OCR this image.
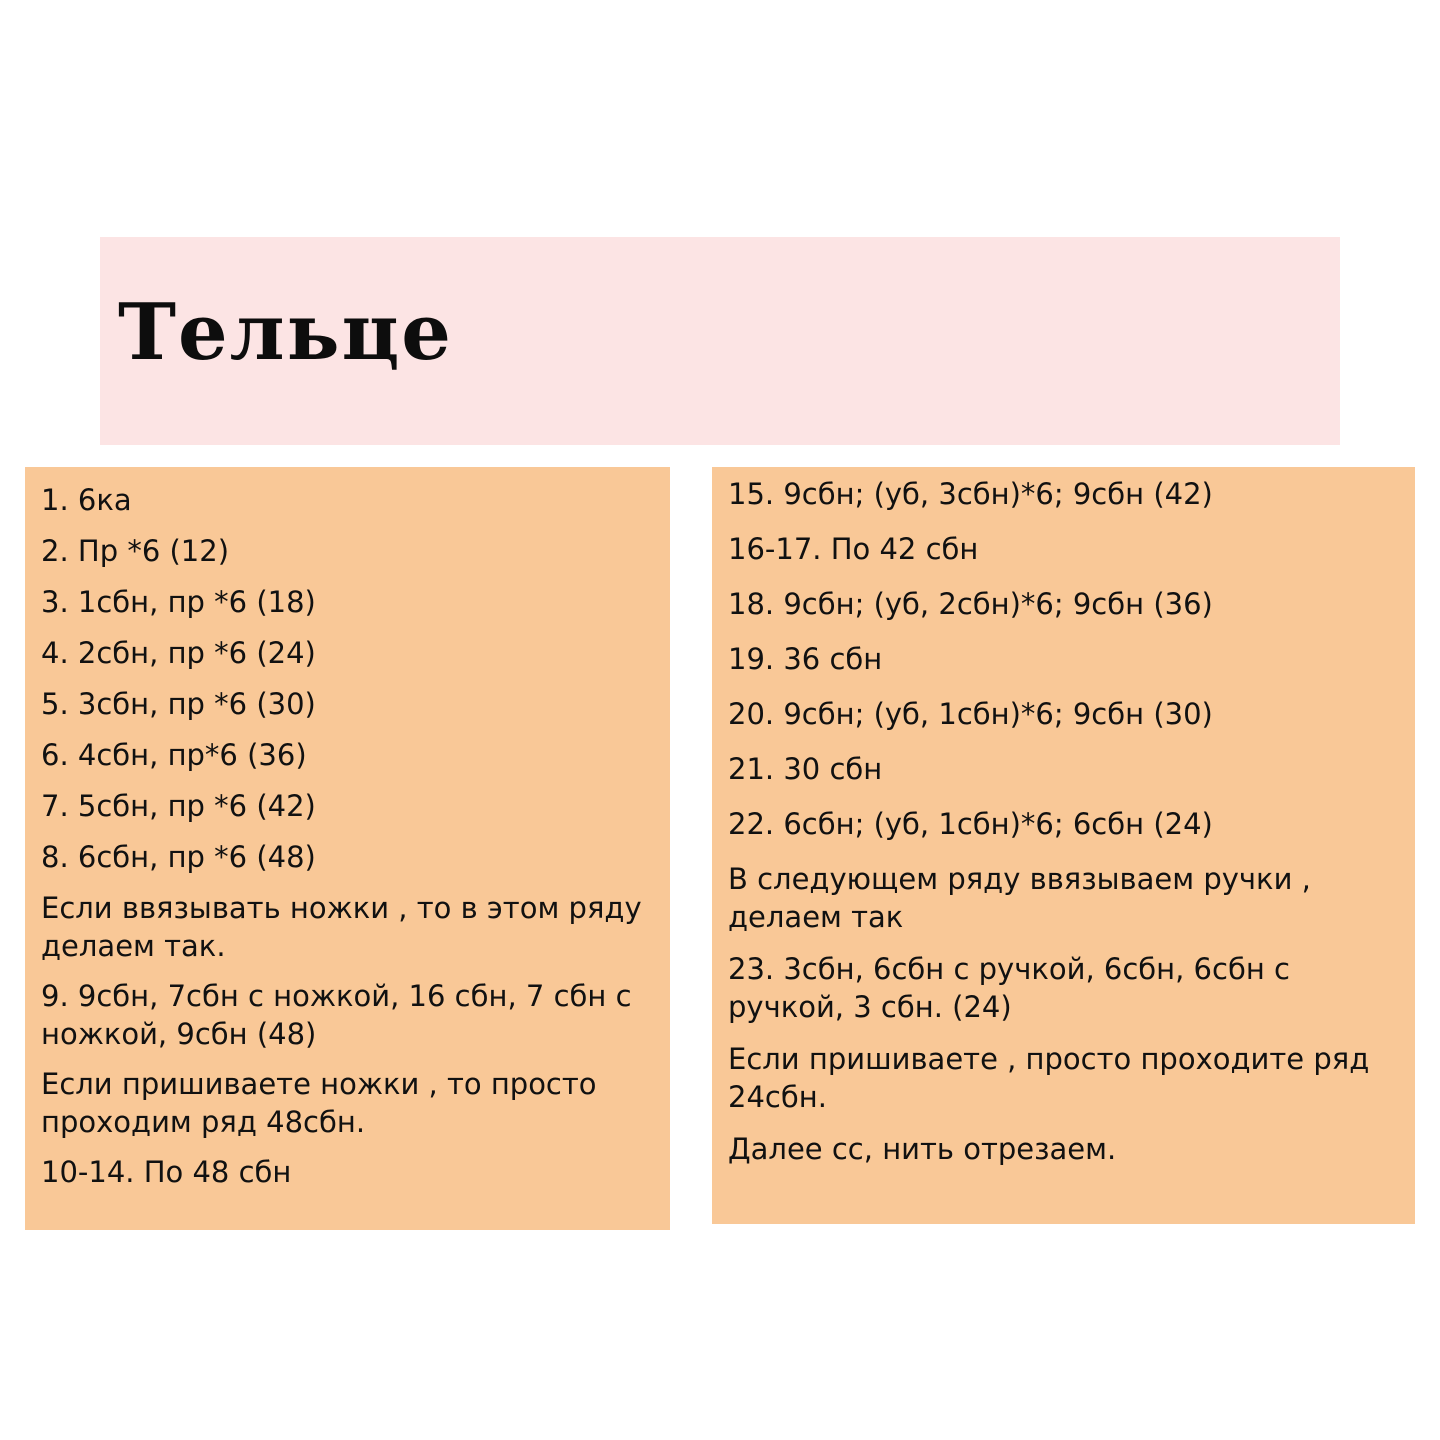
Тельце
1. 6ка
2. Пр *6 (12)
3. 1сбн, пр *6 (18)
4. 2сбн, пр *6 (24)
5. 3сбн, пр *6 (30)
6. 4сбн, пр*6 (36)
7. 5сбн, пр *6 (42)
8. 6сбн, пр *6 (48)
Если ввязывать ножки , то в этом ряду делаем так.
9. 9сбн, 7сбн с ножкой, 16 сбн, 7 сбн с ножкой, 9сбн (48)
Если пришиваете ножки , то просто проходим ряд 48сбн.
10-14. По 48 сбн
15. 9сбн; (уб, 3сбн)*6; 9сбн (42)
16-17. По 42 сбн
18. 9сбн; (уб, 2сбн)*6; 9сбн (36)
19. 36 сбн
20. 9сбн; (уб, 1сбн)*6; 9сбн (30)
21. 30 сбн
22. 6сбн; (уб, 1сбн)*6; 6сбн (24)
В следующем ряду ввязываем ручки , делаем так
23. 3сбн, 6сбн с ручкой, 6сбн, 6сбн с ручкой, 3 сбн. (24)
Если пришиваете , просто проходите ряд 24сбн.
Далее сс, нить отрезаем.
